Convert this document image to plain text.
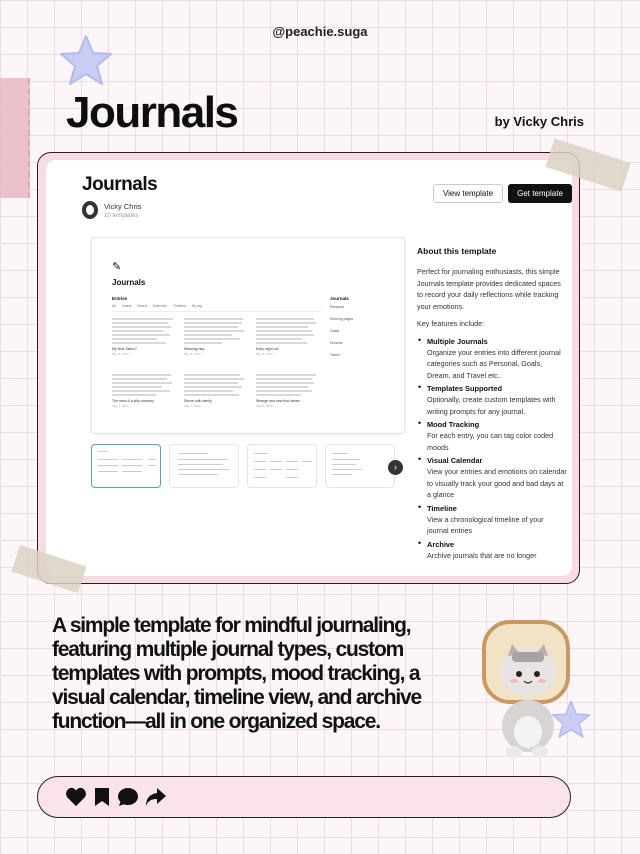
@peachie.suga
Journals	by Vicky Chris
Journals
Vicky Chris
10 templates
View template	Get template
✎
Journals
Entries
All Latest Board Calendar Timeline By tag
My Nick Tattoo?
May 8, 2023
Relaxing day
May 8, 2023
Early night out
May 8, 2023
The meal & a silly courtesy
May 7, 2023
Dinner with family
May 7, 2023
Strange and new first dream
May 6, 2023
Journals
Personal
Morning pages
Goals
Dreams
Travel
›
About this template

Perfect for journaling enthusiasts, this simple Journals template provides dedicated spaces to record your daily reflections while tracking your emotions.

Key features include:

• Multiple Journals
Organize your entries into different journal categories such as Personal, Goals, Dream, and Travel etc..
• Templates Supported
Optionally, create custom templates with writing prompts for any journal.
• Mood Tracking
For each entry, you can tag color coded moods
• Visual Calendar
View your entries and emotions on calendar to visually track your good and bad days at a glance
• Timeline
View a chronological timeline of your journal entries
• Archive
Archive journals that are no longer
A simple template for mindful journaling, featuring multiple journal types, custom templates with prompts, mood tracking, a visual calendar, timeline view, and archive function—all in one organized space.
